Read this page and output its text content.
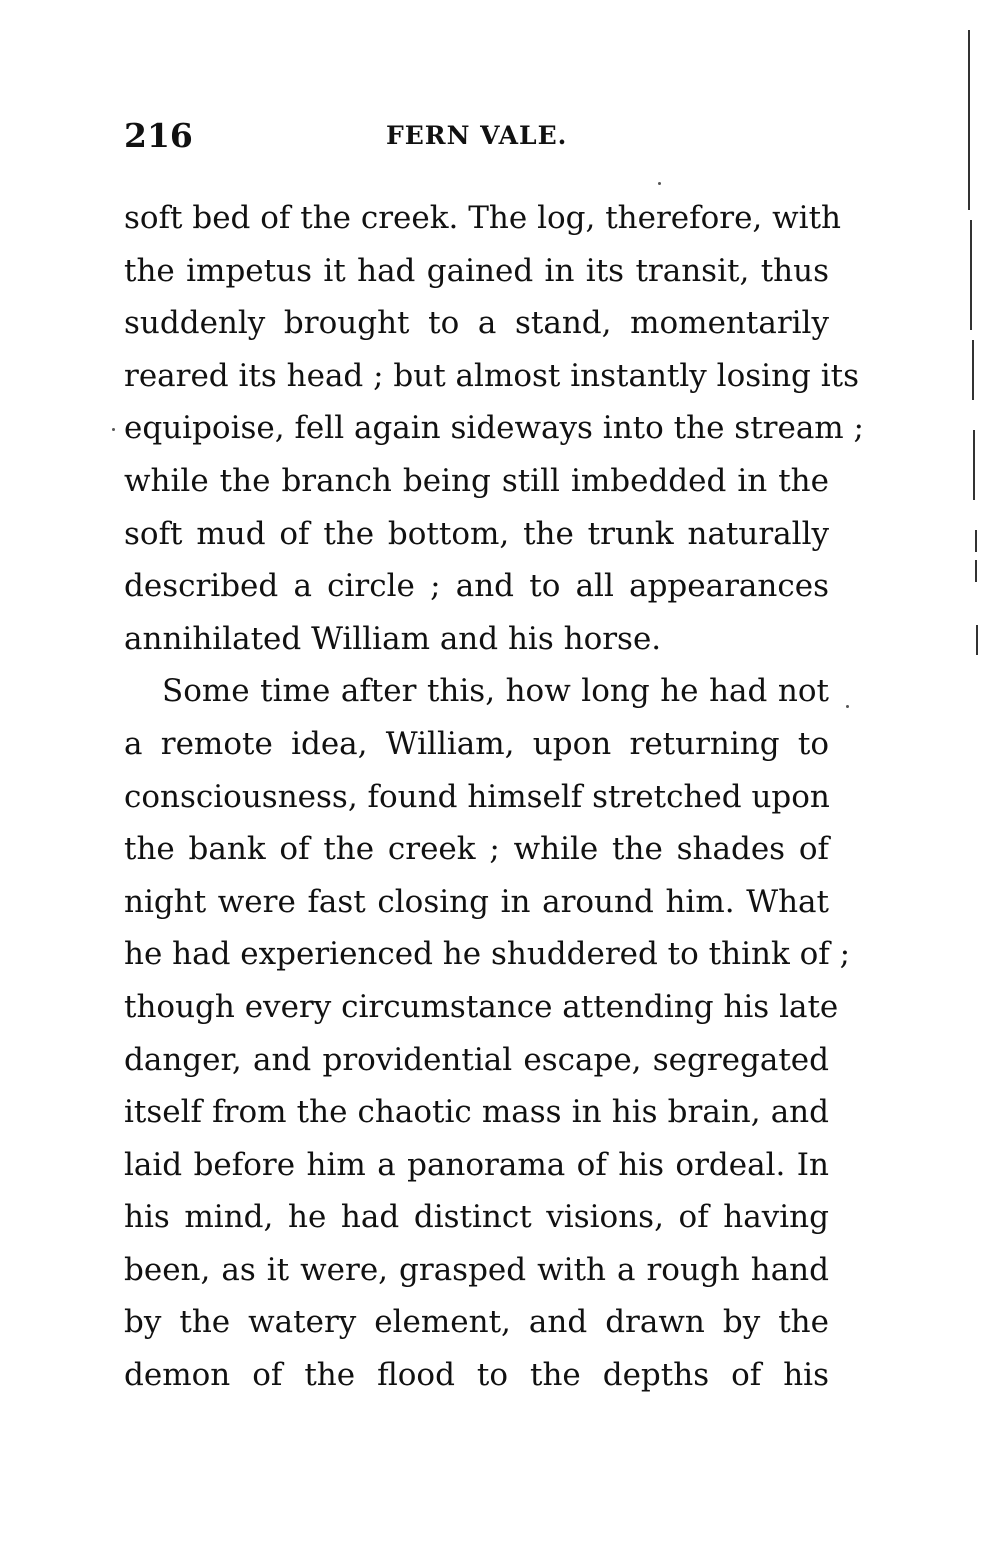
216	FERN VALE.
soft bed of the creek. The log, therefore, with
the impetus it had gained in its transit, thus
suddenly brought to a stand, momentarily
reared its head ; but almost instantly losing its
equipoise, fell again sideways into the stream ;
while the branch being still imbedded in the
soft mud of the bottom, the trunk naturally
described a circle ; and to all appearances
annihilated William and his horse.
Some time after this, how long he had not
a remote idea, William, upon returning to
consciousness, found himself stretched upon
the bank of the creek ; while the shades of
night were fast closing in around him. What
he had experienced he shuddered to think of ;
though every circumstance attending his late
danger, and providential escape, segregated
itself from the chaotic mass in his brain, and
laid before him a panorama of his ordeal. In
his mind, he had distinct visions, of having
been, as it were, grasped with a rough hand
by the watery element, and drawn by the
demon of the flood to the depths of his
